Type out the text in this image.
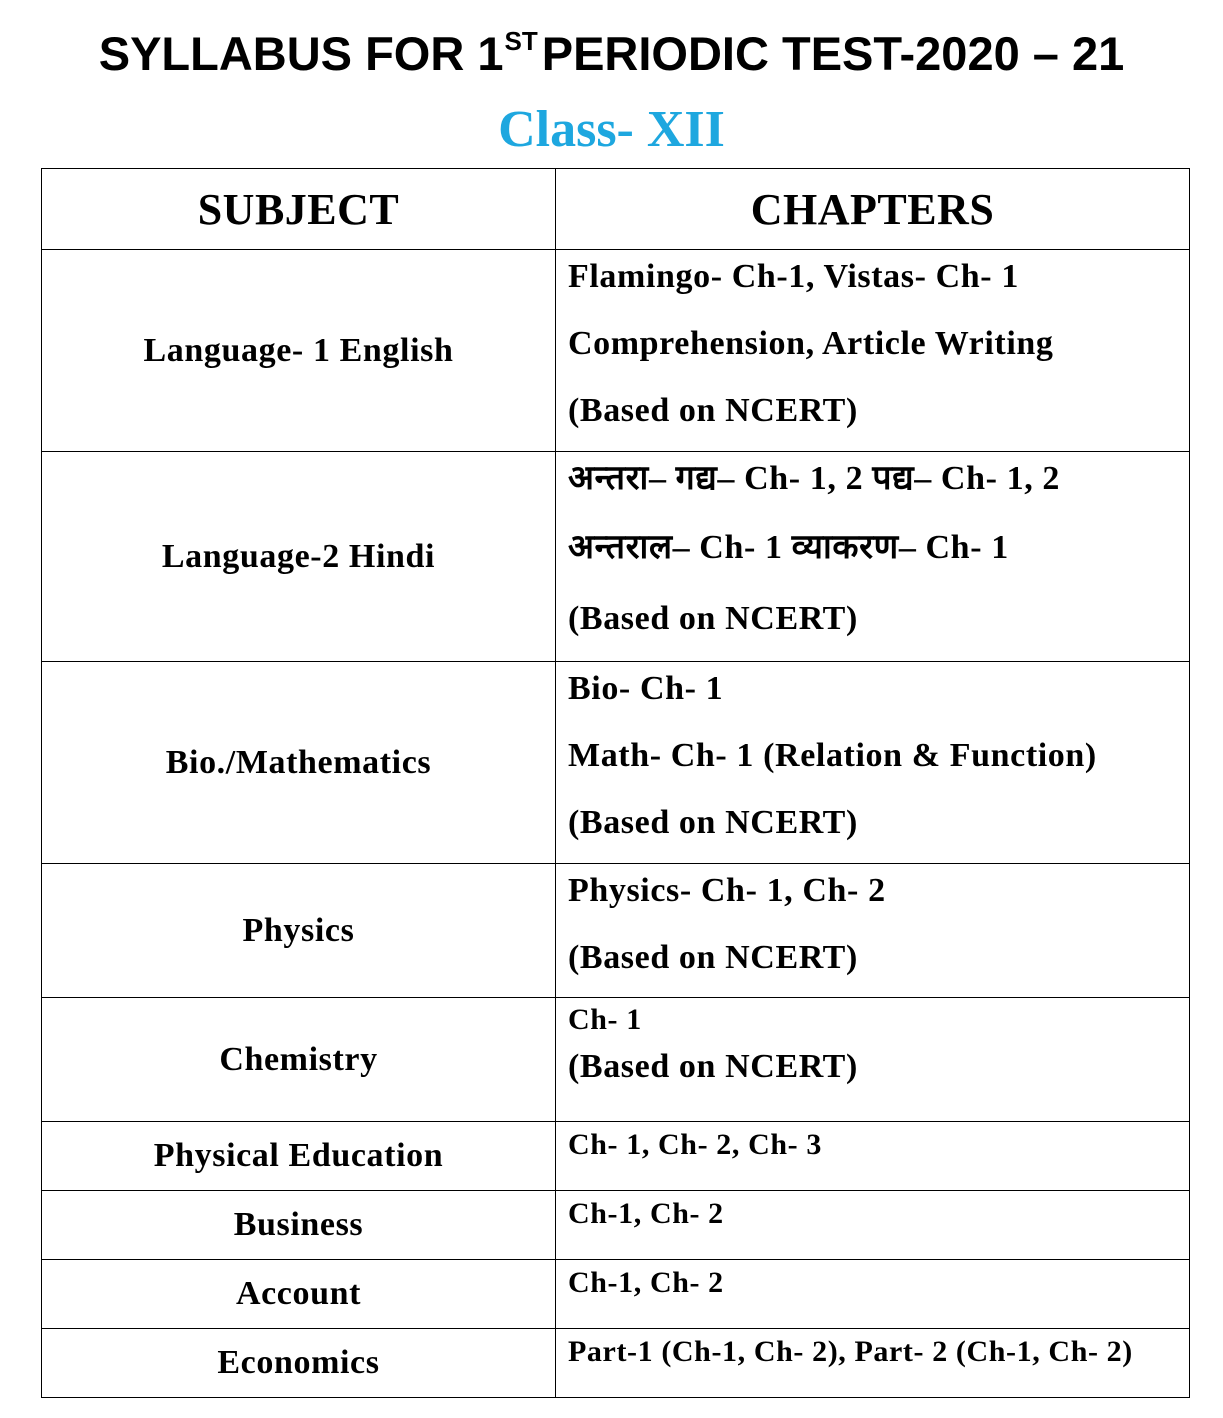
SYLLABUS FOR 1STPERIODIC TEST-2020 – 21
Class- XII
SUBJECT	CHAPTERS
Language- 1 English	Flamingo- Ch-1, Vistas- Ch- 1
Comprehension, Article Writing
(Based on NCERT)

Language-2 Hindi	अन्तरा– गद्य– Ch- 1, 2 पद्य– Ch- 1, 2
अन्तराल– Ch- 1 व्याकरण– Ch- 1
(Based on NCERT)

Bio./Mathematics	Bio- Ch- 1
Math- Ch- 1 (Relation & Function)
(Based on NCERT)

Physics	Physics- Ch- 1, Ch- 2
(Based on NCERT)

Chemistry	Ch- 1
(Based on NCERT)

Physical Education	Ch- 1, Ch- 2, Ch- 3

Business	Ch-1, Ch- 2

Account	Ch-1, Ch- 2

Economics	Part-1 (Ch-1, Ch- 2), Part- 2 (Ch-1, Ch- 2)
